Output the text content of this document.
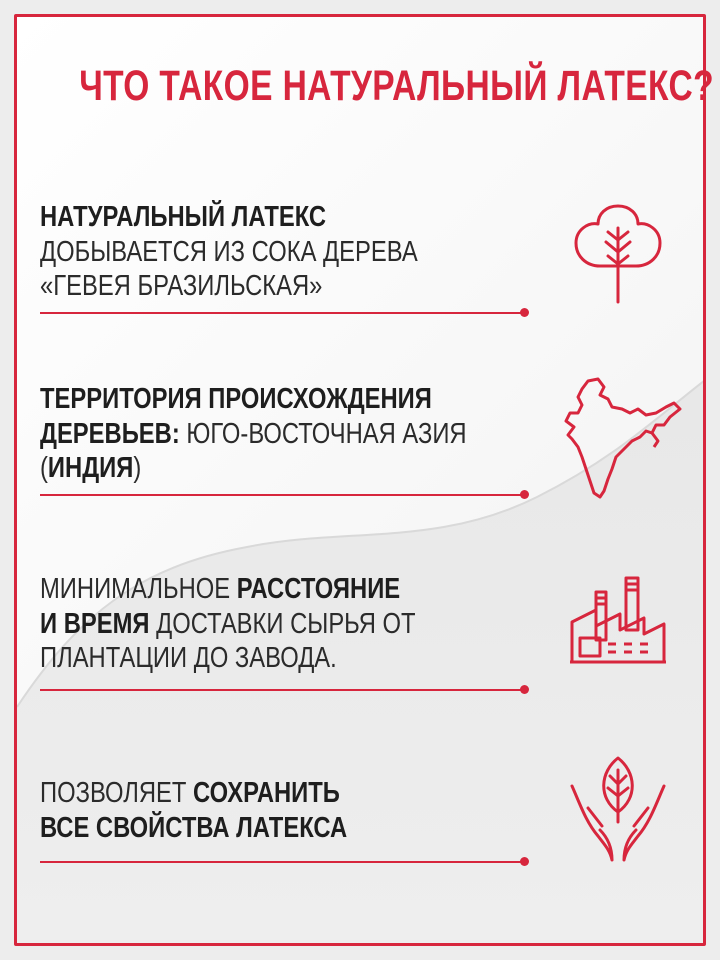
ЧТО ТАКОЕ НАТУРАЛЬНЫЙ ЛАТЕКС?
НАТУРАЛЬНЫЙ ЛАТЕКС
ДОБЫВАЕТСЯ ИЗ СОКА ДЕРЕВА
«ГЕВЕЯ БРАЗИЛЬСКАЯ»
ТЕРРИТОРИЯ ПРОИСХОЖДЕНИЯ
ДЕРЕВЬЕВ: ЮГО-ВОСТОЧНАЯ АЗИЯ
(ИНДИЯ)
МИНИМАЛЬНОЕ РАССТОЯНИЕ
И ВРЕМЯ ДОСТАВКИ СЫРЬЯ ОТ
ПЛАНТАЦИИ ДО ЗАВОДА.
ПОЗВОЛЯЕТ СОХРАНИТЬ
ВСЕ СВОЙСТВА ЛАТЕКСА
